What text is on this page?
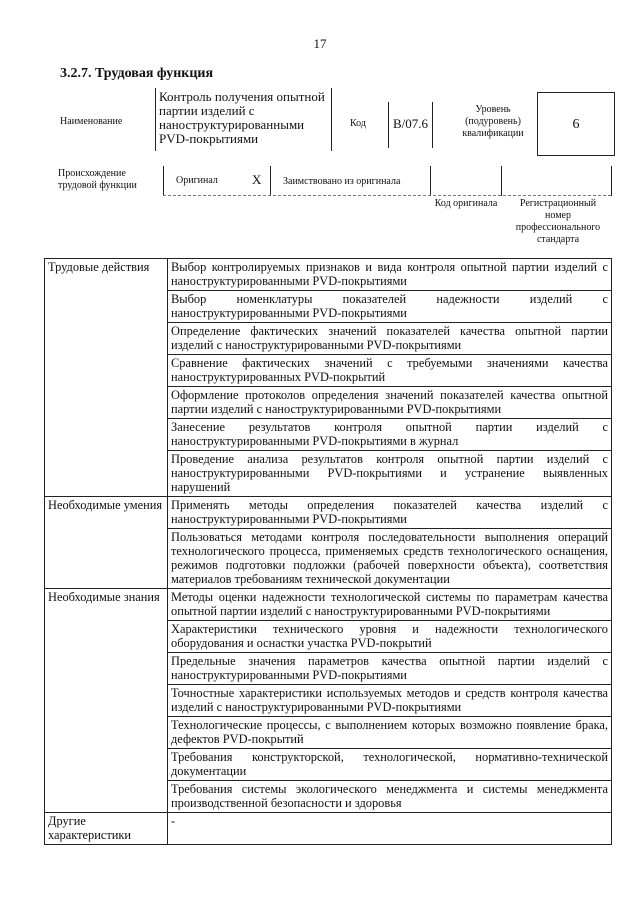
17
3.2.7. Трудовая функция
Наименование
Контроль получения опытной партии изделий с наноструктурированными PVD-покрытиями
Код	B/07.6
Уровень (подуровень) квалификации
6
Происхождение трудовой функции	Оригинал	X Заимствовано из оригинала
Код оригинала	Регистрационный номер профессионального стандарта
Трудовые действия	Выбор контролируемых признаков и вида контроля опытной партии изделий с наноструктурированными PVD-покрытиями
	Выбор номенклатуры показателей надежности изделий с наноструктурированными PVD-покрытиями
	Определение фактических значений показателей качества опытной партии изделий с наноструктурированными PVD-покрытиями
	Сравнение фактических значений с требуемыми значениями качества наноструктурированных PVD-покрытий
	Оформление протоколов определения значений показателей качества опытной партии изделий с наноструктурированными PVD-покрытиями
	Занесение результатов контроля опытной партии изделий с наноструктурированными PVD-покрытиями в журнал
	Проведение анализа результатов контроля опытной партии изделий с наноструктурированными PVD-покрытиями и устранение выявленных нарушений
Необходимые умения	Применять методы определения показателей качества изделий с наноструктурированными PVD-покрытиями
	Пользоваться методами контроля последовательности выполнения операций технологического процесса, применяемых средств технологического оснащения, режимов подготовки подложки (рабочей поверхности объекта), соответствия материалов требованиям технической документации
Необходимые знания	Методы оценки надежности технологической системы по параметрам качества опытной партии изделий с наноструктурированными PVD-покрытиями
	Характеристики технического уровня и надежности технологического оборудования и оснастки участка PVD-покрытий
	Предельные значения параметров качества опытной партии изделий с наноструктурированными PVD-покрытиями
	Точностные характеристики используемых методов и средств контроля качества изделий с наноструктурированными PVD-покрытиями
	Технологические процессы, с выполнением которых возможно появление брака, дефектов PVD-покрытий
	Требования конструкторской, технологической, нормативно-технической документации
	Требования системы экологического менеджмента и системы менеджмента производственной безопасности и здоровья
Другие характеристики	-
